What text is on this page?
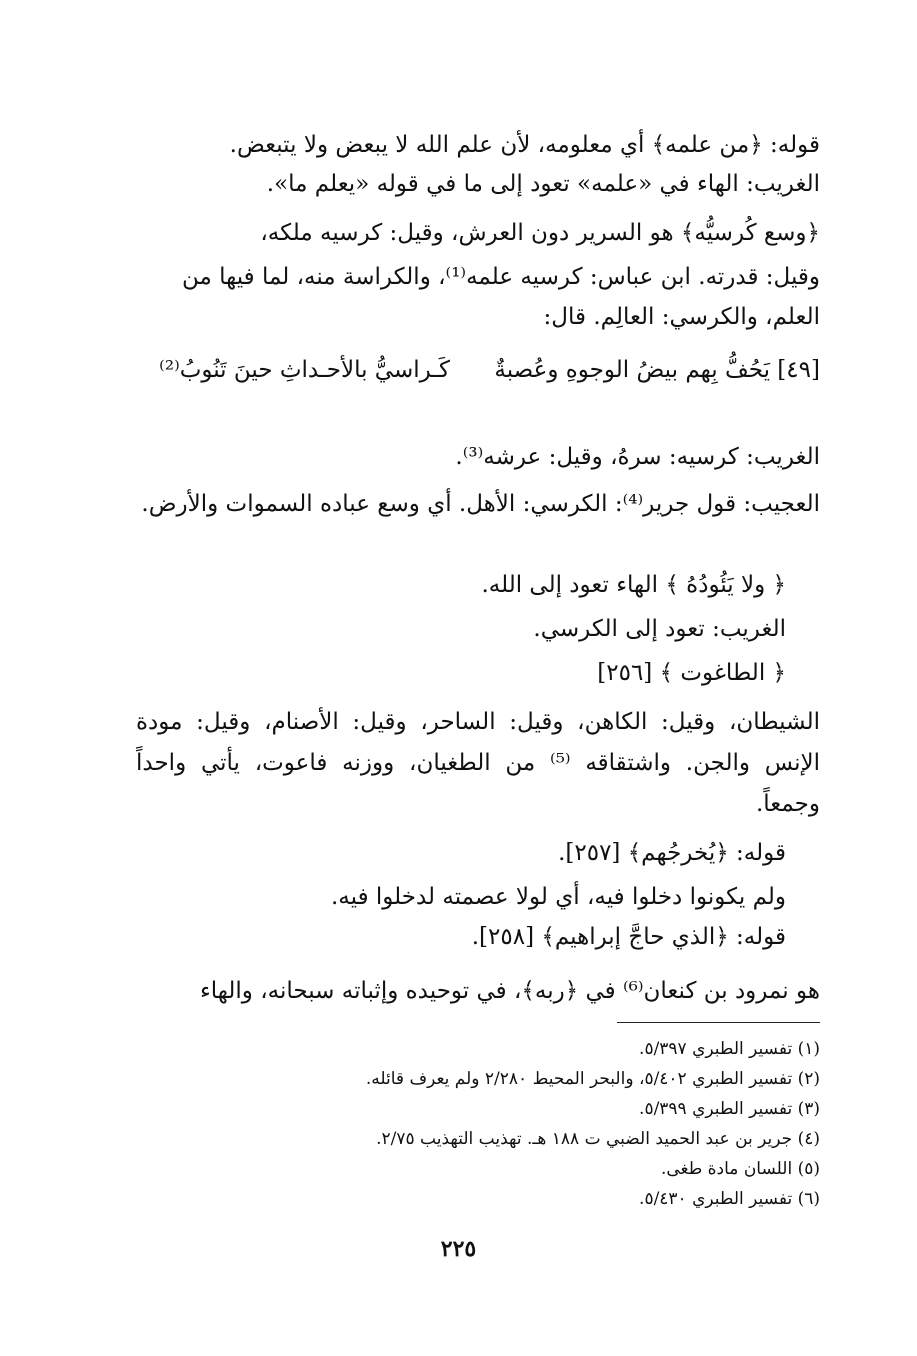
قوله: ﴿من علمه﴾ أي معلومه، لأن علم الله لا يبعض ولا يتبعض.
الغريب: الهاء في «علمه» تعود إلى ما في قوله «يعلم ما».
﴿وسع كُرسيُّه﴾ هو السرير دون العرش، وقيل: كرسيه ملكه،
وقيل: قدرته. ابن عباس: كرسيه علمه⁽¹⁾، والكراسة منه، لما فيها من
العلم، والكرسي: العالِم. قال:
[٤٩] يَحُفُّ بِهم بيضُ الوجوهِ وعُصبةٌ
كَـراسيُّ بالأحـداثِ حينَ تَنُوبُ⁽²⁾
الغريب: كرسيه: سرهُ، وقيل: عرشه⁽³⁾.
العجيب: قول جرير⁽⁴⁾: الكرسي: الأهل. أي وسع عباده السموات والأرض.
﴿ ولا يَئُودُهُ ﴾ الهاء تعود إلى الله.
الغريب: تعود إلى الكرسي.
﴿ الطاغوت ﴾ [٢٥٦]
الشيطان، وقيل: الكاهن، وقيل: الساحر، وقيل: الأصنام، وقيل: مودة الإنس والجن. واشتقاقه ⁽⁵⁾ من الطغيان، ووزنه فاعوت، يأتي واحداً وجمعاً.
قوله: ﴿يُخرجُهم﴾ [٢٥٧].
ولم يكونوا دخلوا فيه، أي لولا عصمته لدخلوا فيه.
قوله: ﴿الذي حاجَّ إبراهيم﴾ [٢٥٨].
هو نمرود بن كنعان⁽⁶⁾ في ﴿ربه﴾، في توحيده وإثباته سبحانه، والهاء
(١) تفسير الطبري ٥/٣٩٧.
(٢) تفسير الطبري ٥/٤٠٢، والبحر المحيط ٢/٢٨٠ ولم يعرف قائله.
(٣) تفسير الطبري ٥/٣٩٩.
(٤) جرير بن عبد الحميد الضبي ت ١٨٨ هـ. تهذيب التهذيب ٢/٧٥.
(٥) اللسان مادة طغى.
(٦) تفسير الطبري ٥/٤٣٠.
٢٢٥
